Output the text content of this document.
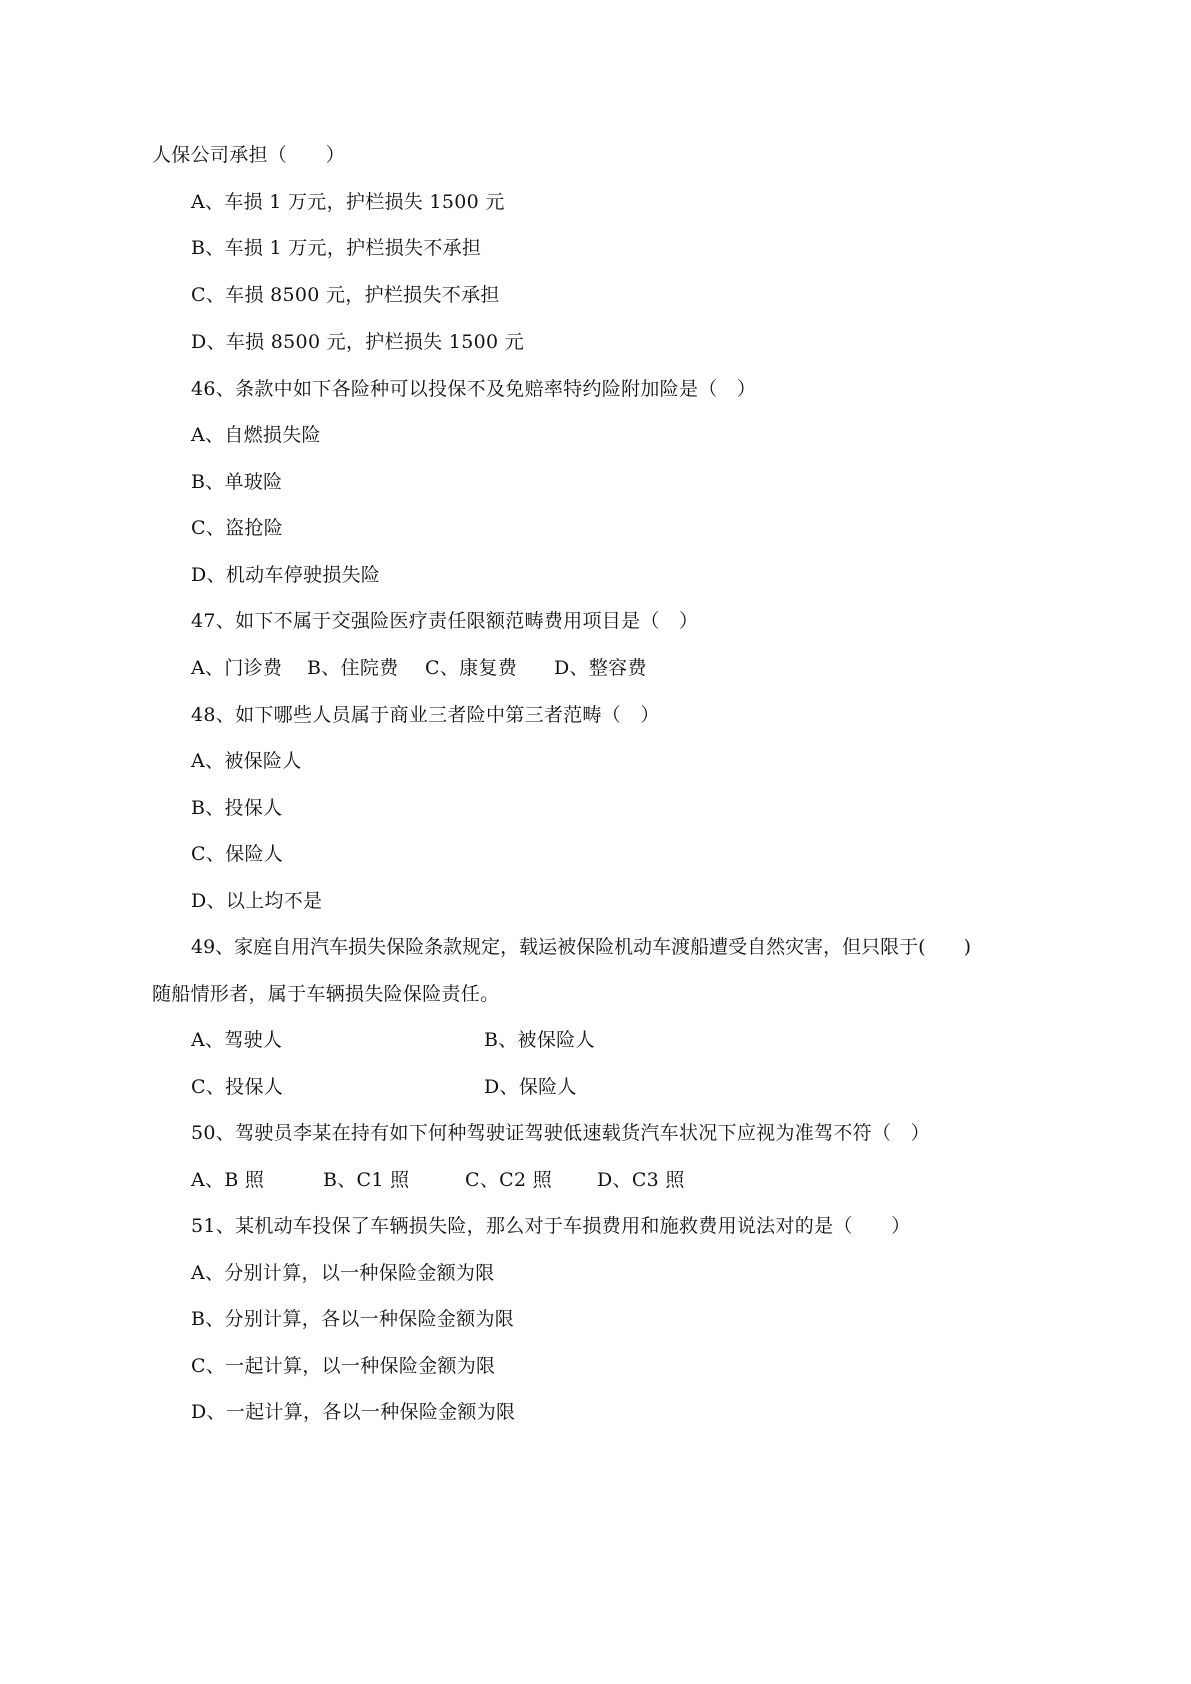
人保公司承担（　　）
A、车损 1 万元，护栏损失 1500 元
B、车损 1 万元，护栏损失不承担
C、车损 8500 元，护栏损失不承担
D、车损 8500 元，护栏损失 1500 元
46、条款中如下各险种可以投保不及免赔率特约险附加险是（　）
A、自燃损失险
B、单玻险
C、盗抢险
D、机动车停驶损失险
47、如下不属于交强险医疗责任限额范畴费用项目是（　）

A、门诊费

B、住院费

C、康复费

D、整容费

48、如下哪些人员属于商业三者险中第三者范畴（　）
A、被保险人
B、投保人
C、保险人
D、以上均不是
49、家庭自用汽车损失保险条款规定，载运被保险机动车渡船遭受自然灾害，但只限于(　　)
随船情形者，属于车辆损失险保险责任。

A、驾驶人

	B、被保险人

C、投保人

	D、保险人

50、驾驶员李某在持有如下何种驾驶证驾驶低速载货汽车状况下应视为准驾不符（　）

A、B 照

	B、C1 照

	C、C2 照

D、C3 照

51、某机动车投保了车辆损失险，那么对于车损费用和施救费用说法对的是（　　）
A、分别计算，以一种保险金额为限
B、分别计算，各以一种保险金额为限
C、一起计算，以一种保险金额为限
D、一起计算，各以一种保险金额为限
